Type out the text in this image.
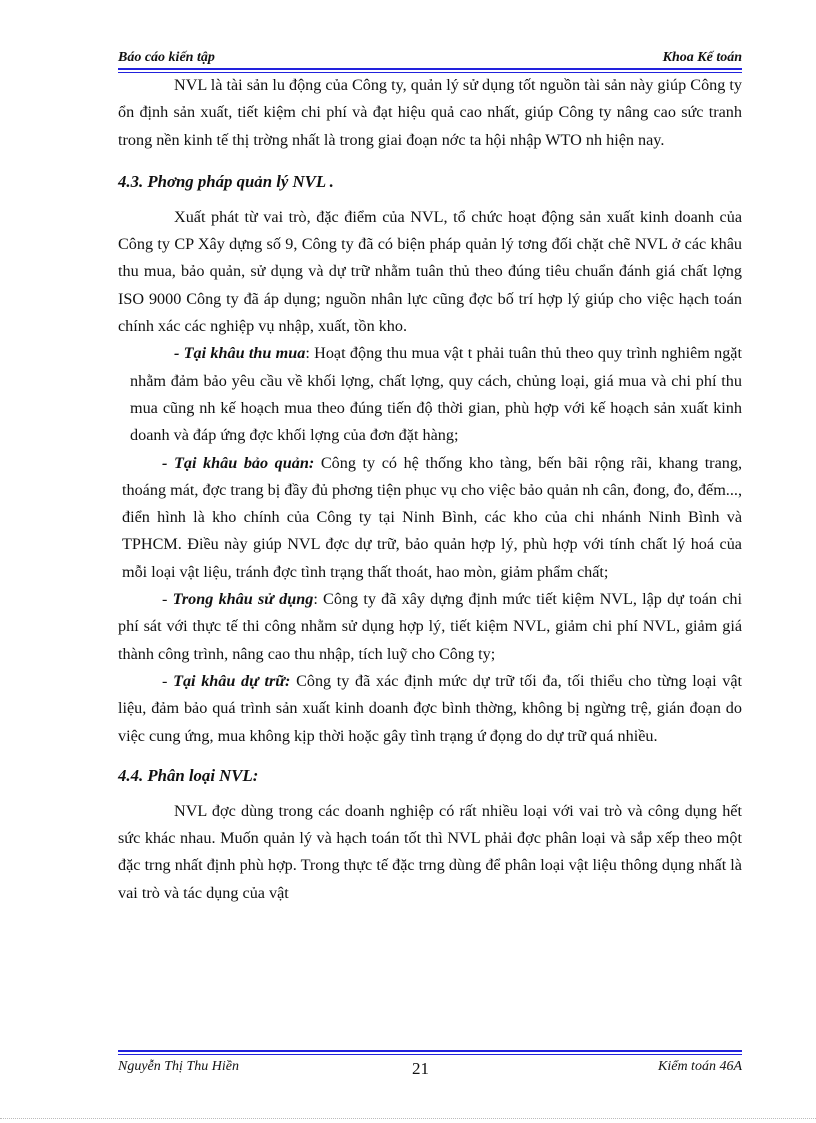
Báo cáo kiến tập	Khoa Kế toán

NVL là tài sản lu động của Công ty, quản lý sử dụng tốt nguồn tài sản này giúp Công ty ổn định sản xuất, tiết kiệm chi phí và đạt hiệu quả cao nhất, giúp Công ty nâng cao sức tranh trong nền kinh tế thị trờng nhất là trong giai đoạn nớc ta hội nhập WTO nh hiện nay.

4.3. Phơng pháp quản lý NVL .

Xuất phát từ vai trò, đặc điểm của NVL, tổ chức hoạt động sản xuất kinh doanh của Công ty CP Xây dựng số 9, Công ty đã có biện pháp quản lý tơng đối chặt chẽ NVL ở các khâu thu mua, bảo quản, sử dụng và dự trữ nhằm tuân thủ theo đúng tiêu chuẩn đánh giá chất lợng ISO 9000 Công ty đã áp dụng; nguồn nhân lực cũng đợc bố trí hợp lý giúp cho việc hạch toán chính xác các nghiệp vụ nhập, xuất, tồn kho.

- Tại khâu thu mua: Hoạt động thu mua vật t phải tuân thủ theo quy trình nghiêm ngặt nhằm đảm bảo yêu cầu về khối lợng, chất lợng, quy cách, chủng loại, giá mua và chi phí thu mua cũng nh kế hoạch mua theo đúng tiến độ thời gian, phù hợp với kế hoạch sản xuất kinh doanh và đáp ứng đợc khối lợng của đơn đặt hàng;

- Tại khâu bảo quản: Công ty có hệ thống kho tàng, bến bãi rộng rãi, khang trang, thoáng mát, đợc trang bị đầy đủ phơng tiện phục vụ cho việc bảo quản nh cân, đong, đo, đếm..., điển hình là kho chính của Công ty tại Ninh Bình, các kho của chi nhánh Ninh Bình và TPHCM. Điều này giúp NVL đợc dự trữ, bảo quản hợp lý, phù hợp với tính chất lý hoá của mỗi loại vật liệu, tránh đợc tình trạng thất thoát, hao mòn, giảm phẩm chất;

- Trong khâu sử dụng: Công ty đã xây dựng định mức tiết kiệm NVL, lập dự toán chi phí sát với thực tế thi công nhằm sử dụng hợp lý, tiết kiệm NVL, giảm chi phí NVL, giảm giá thành công trình, nâng cao thu nhập, tích luỹ cho Công ty;

- Tại khâu dự trữ: Công ty đã xác định mức dự trữ tối đa, tối thiểu cho từng loại vật liệu, đảm bảo quá trình sản xuất kinh doanh đợc bình thờng, không bị ngừng trệ, gián đoạn do việc cung ứng, mua không kịp thời hoặc gây tình trạng ứ đọng do dự trữ quá nhiều.

4.4. Phân loại NVL:

NVL đợc dùng trong các doanh nghiệp có rất nhiều loại với vai trò và công dụng hết sức khác nhau. Muốn quản lý và hạch toán tốt thì NVL phải đợc phân loại và sắp xếp theo một đặc trng nhất định phù hợp. Trong thực tế đặc trng dùng để phân loại vật liệu thông dụng nhất là vai trò và tác dụng của vật

Nguyễn Thị Thu Hiền	21	Kiểm toán 46A
